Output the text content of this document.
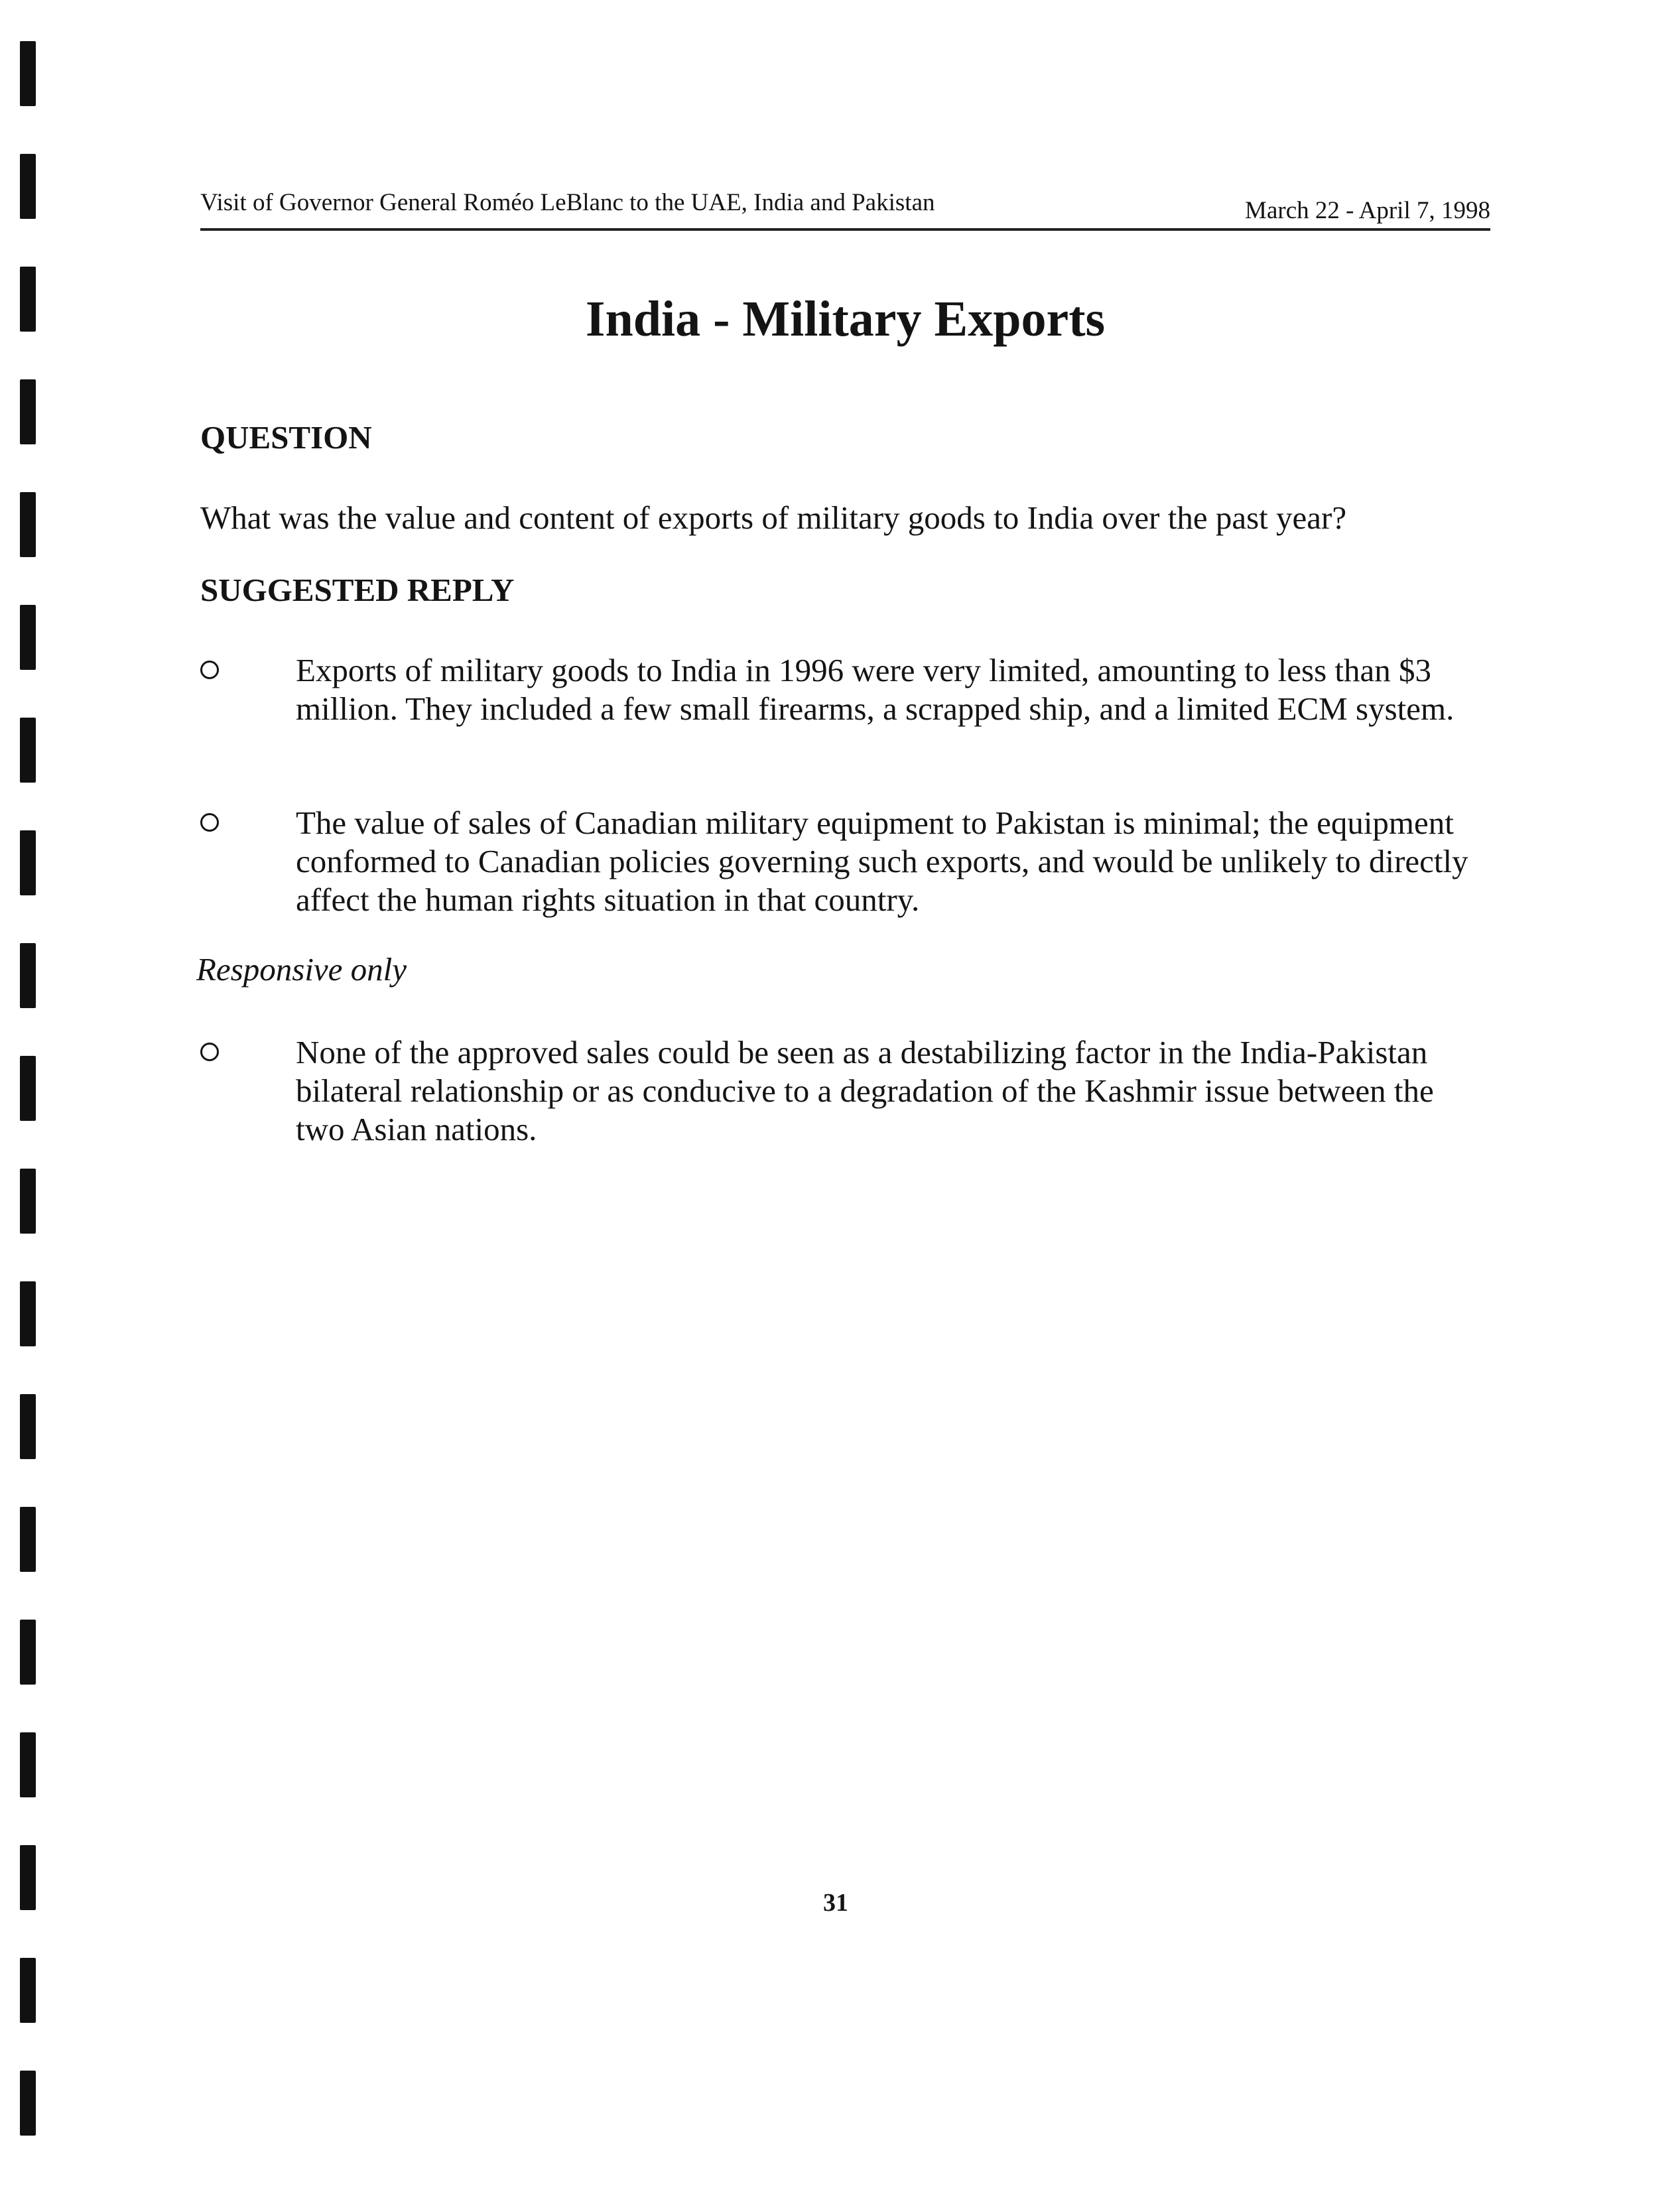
Visit of Governor General Roméo LeBlanc to the UAE, India and Pakistan	March 22 - April 7, 1998
India - Military Exports
QUESTION
What was the value and content of exports of military goods to India over the past year?
SUGGESTED REPLY
Exports of military goods to India in 1996 were very limited, amounting to less than $3 million. They included a few small firearms, a scrapped ship, and a limited ECM system.
The value of sales of Canadian military equipment to Pakistan is minimal; the equipment conformed to Canadian policies governing such exports, and would be unlikely to directly affect the human rights situation in that country.
Responsive only
None of the approved sales could be seen as a destabilizing factor in the India-Pakistan bilateral relationship or as conducive to a degradation of the Kashmir issue between the two Asian nations.
31
